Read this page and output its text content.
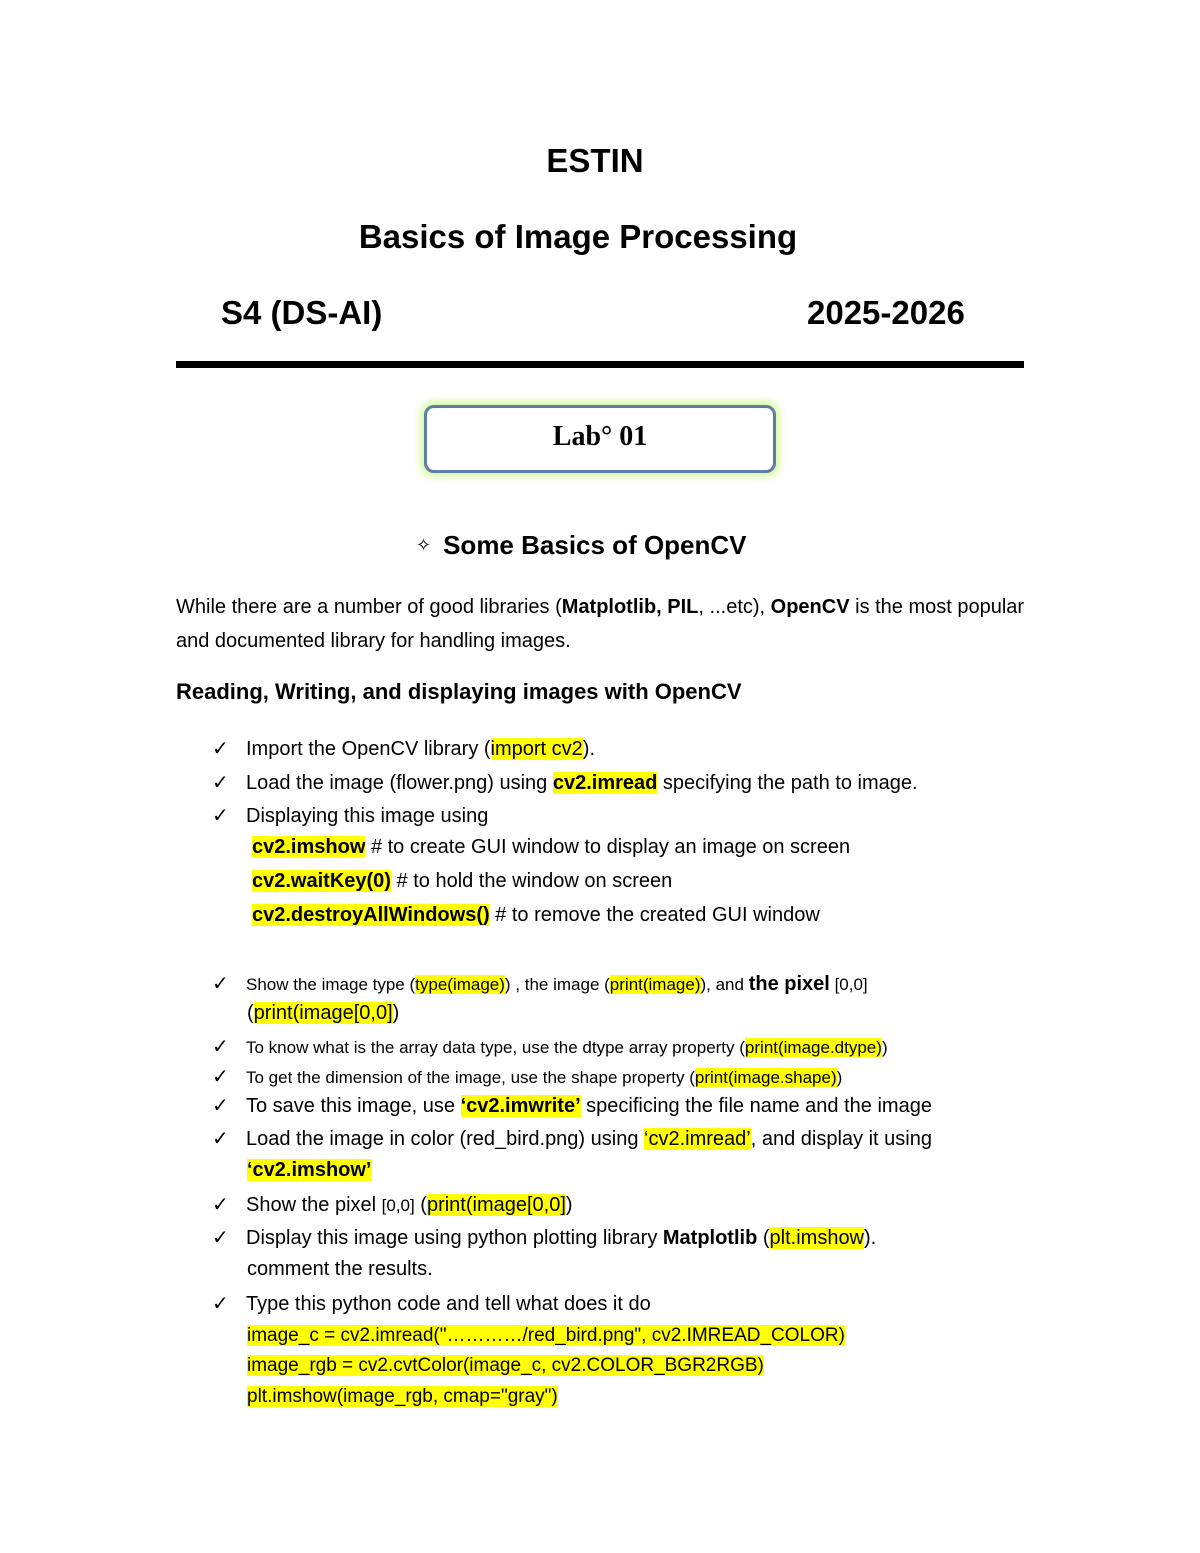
ESTIN
Basics of Image Processing
S4 (DS-AI)	2025-2026
Lab° 01
✧ Some Basics of OpenCV
While there are a number of good libraries (Matplotlib, PIL, ...etc), OpenCV is the most popular and documented library for handling images.
Reading, Writing, and displaying images with OpenCV
✓ Import the OpenCV library (import cv2).
✓ Load the image (flower.png) using cv2.imread specifying the path to image.
✓ Displaying this image using
cv2.imshow # to create GUI window to display an image on screen
cv2.waitKey(0) # to hold the window on screen
cv2.destroyAllWindows() # to remove the created GUI window
✓ Show the image type (type(image)) , the image (print(image)), and the pixel [0,0]
(print(image[0,0])
✓ To know what is the array data type, use the dtype array property (print(image.dtype))
✓ To get the dimension of the image, use the shape property (print(image.shape))
✓ To save this image, use ‘cv2.imwrite’ specificing the file name and the image
✓ Load the image in color (red_bird.png) using ‘cv2.imread’, and display it using
‘cv2.imshow’
✓ Show the pixel [0,0] (print(image[0,0])
✓ Display this image using python plotting library Matplotlib (plt.imshow).
comment the results.
✓ Type this python code and tell what does it do
image_c = cv2.imread("…………/red_bird.png", cv2.IMREAD_COLOR)
image_rgb = cv2.cvtColor(image_c, cv2.COLOR_BGR2RGB)
plt.imshow(image_rgb, cmap="gray")
